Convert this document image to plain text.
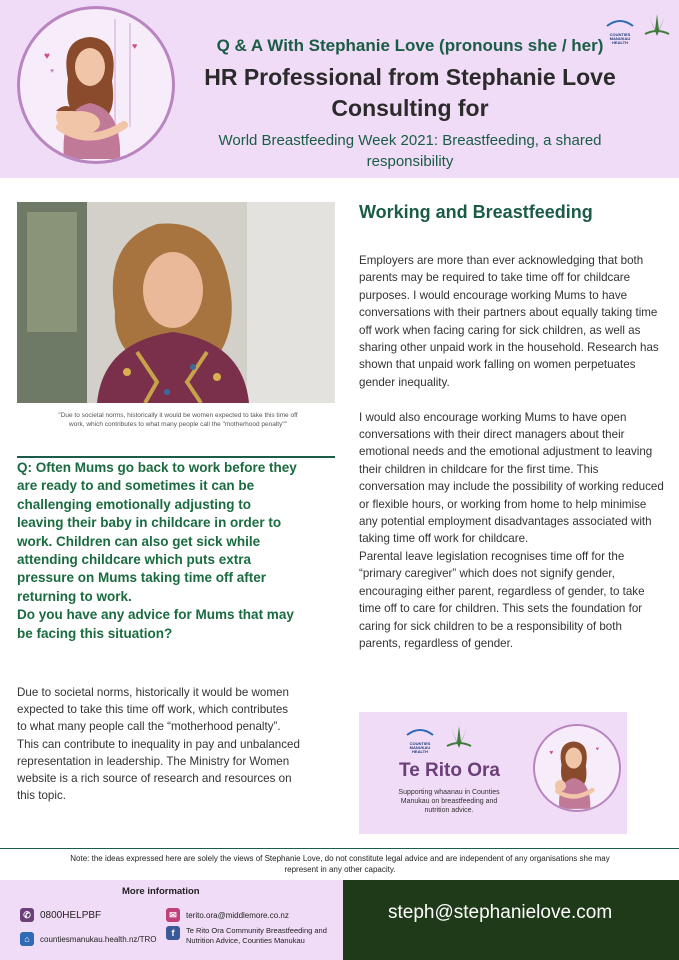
♥
♥
♥
Q & A With Stephanie Love (pronouns she / her)
HR Professional from Stephanie Love Consulting for
World Breastfeeding Week 2021: Breastfeeding, a shared responsibility
COUNTIES MANUKAU HEALTH
"Due to societal norms, historically it would be women expected to take this time off work, which contributes to what many people call the "motherhood penalty""
Q: Often Mums go back to work before they are ready to and sometimes it can be challenging emotionally adjusting to leaving their baby in childcare in order to work. Children can also get sick while attending childcare which puts extra pressure on Mums taking time off after returning to work.
Do you have any advice for Mums that may be facing this situation?
Due to societal norms, historically it would be women expected to take this time off work, which contributes to what many people call the “motherhood penalty”. This can contribute to inequality in pay and unbalanced representation in leadership. The Ministry for Women website is a rich source of research and resources on this topic.
Working and Breastfeeding

Employers are more than ever acknowledging that both parents may be required to take time off for childcare purposes. I would encourage working Mums to have conversations with their partners about equally taking time off work when facing caring for sick children, as well as sharing other unpaid work in the household. Research has shown that unpaid work falling on women perpetuates gender inequality.

I would also encourage working Mums to have open conversations with their direct managers about their emotional needs and the emotional adjustment to leaving their children in childcare for the first time. This conversation may include the possibility of working reduced or flexible hours, or working from home to help minimise any potential employment disadvantages associated with taking time off work for childcare.

Parental leave legislation recognises time off for the “primary caregiver” which does not signify gender, encouraging either parent, regardless of gender, to take time off to care for children. This sets the foundation for caring for sick children to be a responsibility of both parents, regardless of gender.

COUNTIES MANUKAU HEALTH
Te Rito Ora
Supporting whaanau in Counties Manukau on breastfeeding and nutrition advice.
♥
♥
Note: the ideas expressed here are solely the views of Stephanie Love, do not constitute legal advice and are independent of any organisations she may represent in any other capacity.
More information
✆ 0800HELPBF
⌂	countiesmanukau.health.nz/TRO
✉	terito.ora@middlemore.co.nz
f	Te Rito Ora Community Breastfeeding and Nutrition Advice, Counties Manukau
steph@stephanielove.com
